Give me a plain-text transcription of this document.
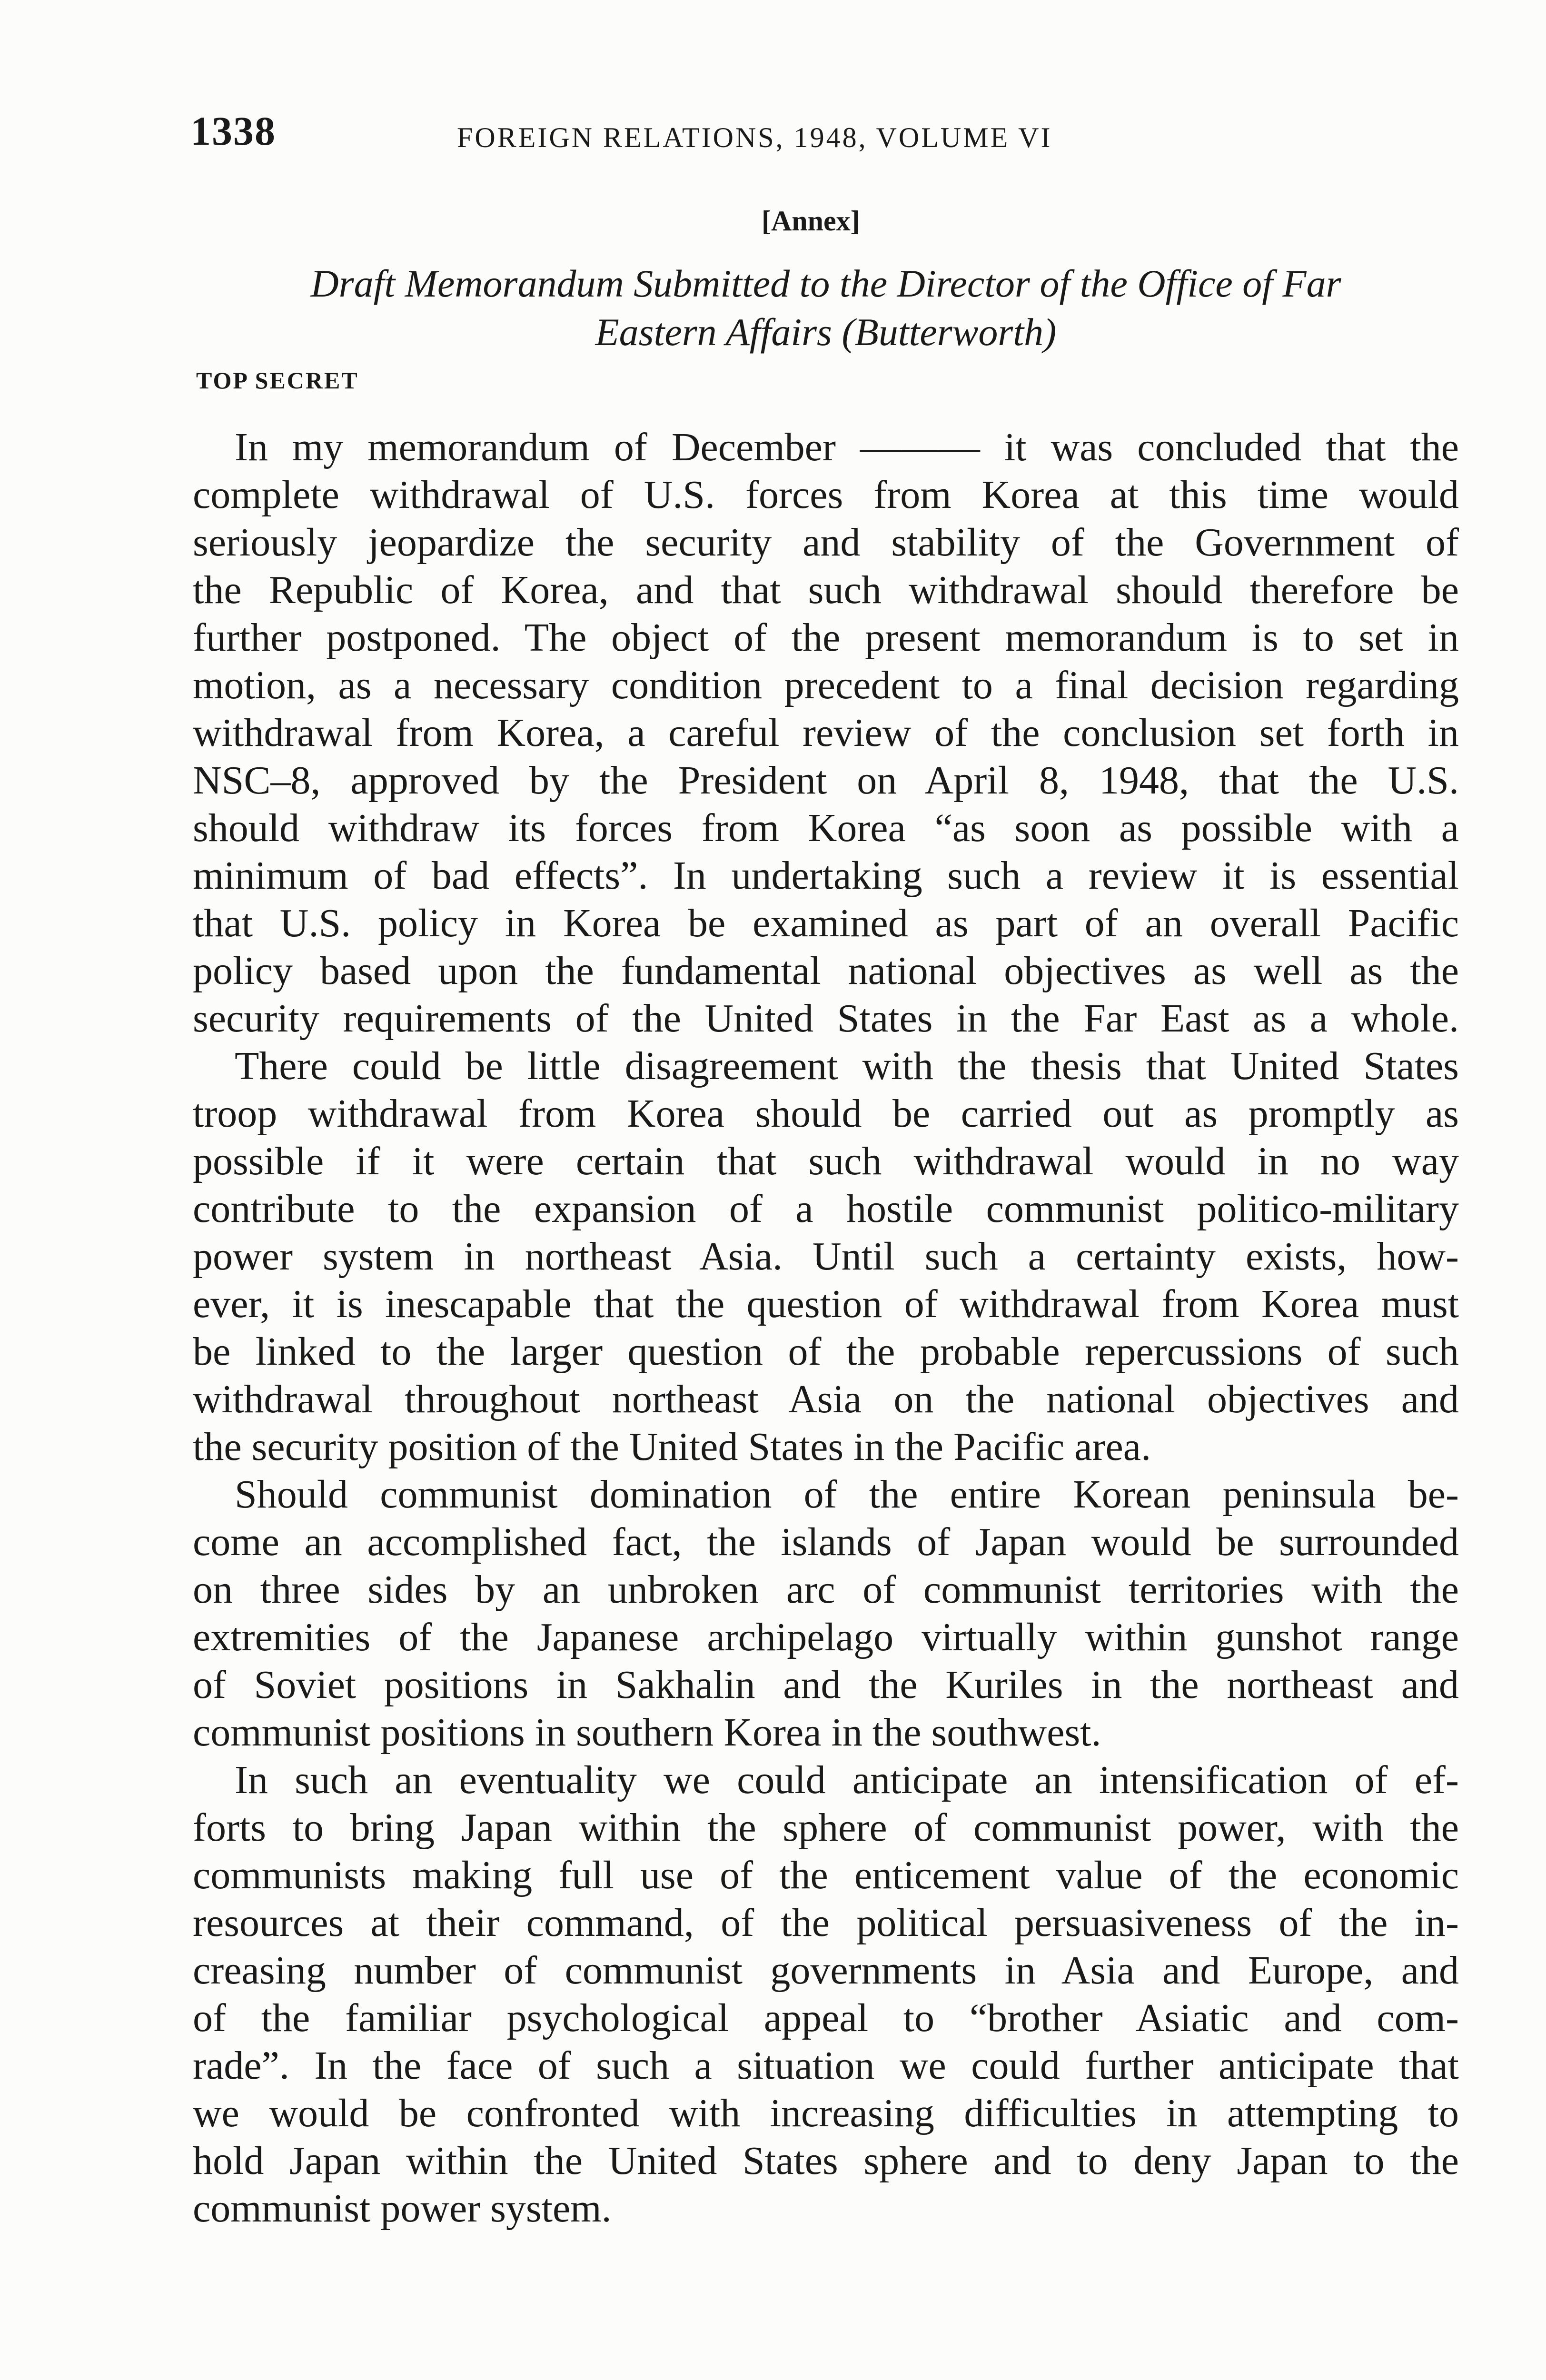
1338	FOREIGN RELATIONS, 1948, VOLUME VI
[Annex]
Draft Memorandum Submitted to the Director of the Office of Far
Eastern Affairs (Butterworth)
TOP SECRET
In my memorandum of December ——— it was concluded that the
complete withdrawal of U.S. forces from Korea at this time would
seriously jeopardize the security and stability of the Government of
the Republic of Korea, and that such withdrawal should therefore be
further postponed. The object of the present memorandum is to set in
motion, as a necessary condition precedent to a final decision regarding
withdrawal from Korea, a careful review of the conclusion set forth in
NSC–8, approved by the President on April 8, 1948, that the U.S.
should withdraw its forces from Korea “as soon as possible with a
minimum of bad effects”. In undertaking such a review it is essential
that U.S. policy in Korea be examined as part of an overall Pacific
policy based upon the fundamental national objectives as well as the
security requirements of the United States in the Far East as a whole.
There could be little disagreement with the thesis that United States
troop withdrawal from Korea should be carried out as promptly as
possible if it were certain that such withdrawal would in no way
contribute to the expansion of a hostile communist politico-military
power system in northeast Asia. Until such a certainty exists, how-
ever, it is inescapable that the question of withdrawal from Korea must
be linked to the larger question of the probable repercussions of such
withdrawal throughout northeast Asia on the national objectives and
the security position of the United States in the Pacific area.
Should communist domination of the entire Korean peninsula be-
come an accomplished fact, the islands of Japan would be surrounded
on three sides by an unbroken arc of communist territories with the
extremities of the Japanese archipelago virtually within gunshot range
of Soviet positions in Sakhalin and the Kuriles in the northeast and
communist positions in southern Korea in the southwest.
In such an eventuality we could anticipate an intensification of ef-
forts to bring Japan within the sphere of communist power, with the
communists making full use of the enticement value of the economic
resources at their command, of the political persuasiveness of the in-
creasing number of communist governments in Asia and Europe, and
of the familiar psychological appeal to “brother Asiatic and com-
rade”. In the face of such a situation we could further anticipate that
we would be confronted with increasing difficulties in attempting to
hold Japan within the United States sphere and to deny Japan to the
communist power system.
